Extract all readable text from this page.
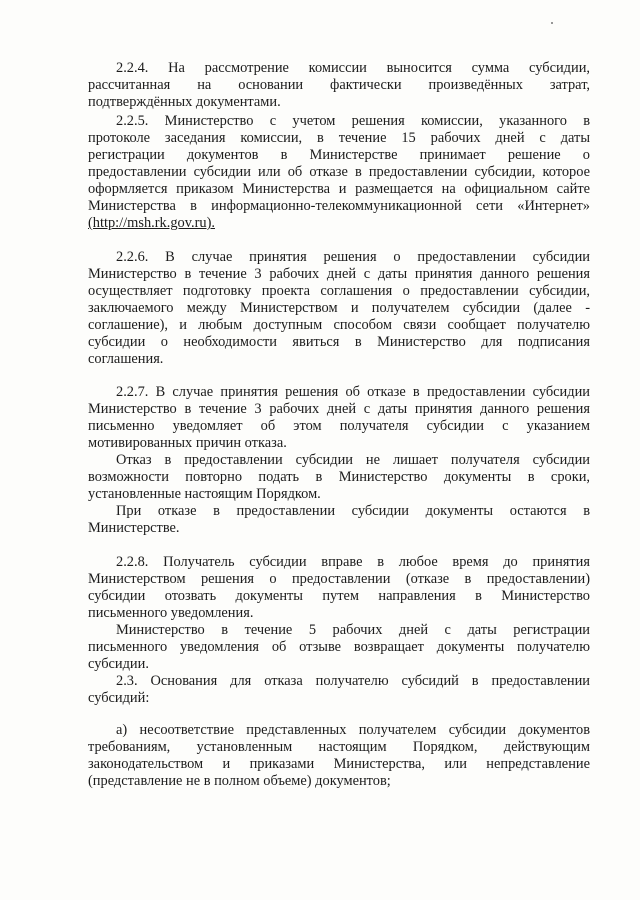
2.2.4. На рассмотрение комиссии выносится сумма субсидии,
рассчитанная на основании фактически произведённых затрат,
подтверждённых документами.
2.2.5. Министерство с учетом решения комиссии, указанного в
протоколе заседания комиссии, в течение 15 рабочих дней с даты
регистрации документов в Министерстве принимает решение о
предоставлении субсидии или об отказе в предоставлении субсидии, которое
оформляется приказом Министерства и размещается на официальном сайте
Министерства в информационно-телекоммуникационной сети «Интернет»
(http://msh.rk.gov.ru).
2.2.6. В случае принятия решения о предоставлении субсидии
Министерство в течение 3 рабочих дней с даты принятия данного решения
осуществляет подготовку проекта соглашения о предоставлении субсидии,
заключаемого между Министерством и получателем субсидии (далее -
соглашение), и любым доступным способом связи сообщает получателю
субсидии о необходимости явиться в Министерство для подписания
соглашения.
2.2.7. В случае принятия решения об отказе в предоставлении субсидии
Министерство в течение 3 рабочих дней с даты принятия данного решения
письменно уведомляет об этом получателя субсидии с указанием
мотивированных причин отказа.
Отказ в предоставлении субсидии не лишает получателя субсидии
возможности повторно подать в Министерство документы в сроки,
установленные настоящим Порядком.
При отказе в предоставлении субсидии документы остаются в
Министерстве.
2.2.8. Получатель субсидии вправе в любое время до принятия
Министерством решения о предоставлении (отказе в предоставлении)
субсидии отозвать документы путем направления в Министерство
письменного уведомления.
Министерство в течение 5 рабочих дней с даты регистрации
письменного уведомления об отзыве возвращает документы получателю
субсидии.
2.3. Основания для отказа получателю субсидий в предоставлении
субсидий:
а) несоответствие представленных получателем субсидии документов
требованиям, установленным настоящим Порядком, действующим
законодательством и приказами Министерства, или непредставление
(представление не в полном объеме) документов;
